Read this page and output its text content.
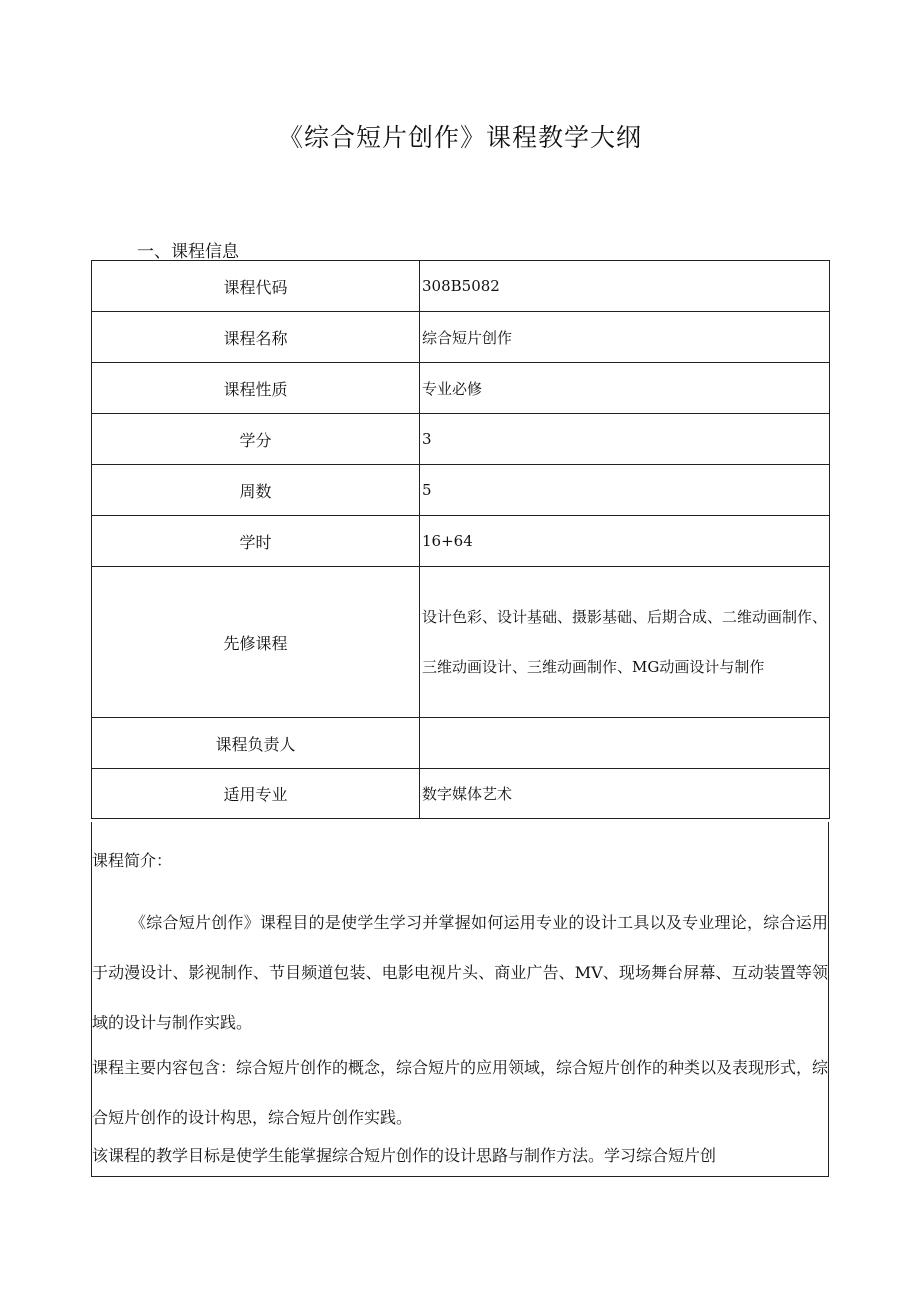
《综合短片创作》课程教学大纲
一、课程信息
课程代码	308B5082
课程名称	综合短片创作
课程性质	专业必修
学分	3
周数	5
学时	16+64
先修课程	设计色彩、设计基础、摄影基础、后期合成、二维动画制作、三维动画设计、三维动画制作、MG动画设计与制作
课程负责人	
适用专业	数字媒体艺术

课程简介：

《综合短片创作》课程目的是使学生学习并掌握如何运用专业的设计工具以及专业理论，综合运用于动漫设计、影视制作、节目频道包装、电影电视片头、商业广告、MV、现场舞台屏幕、互动装置等领域的设计与制作实践。

课程主要内容包含：综合短片创作的概念，综合短片的应用领域，综合短片创作的种类以及表现形式，综合短片创作的设计构思，综合短片创作实践。

该课程的教学目标是使学生能掌握综合短片创作的设计思路与制作方法。学习综合短片创
